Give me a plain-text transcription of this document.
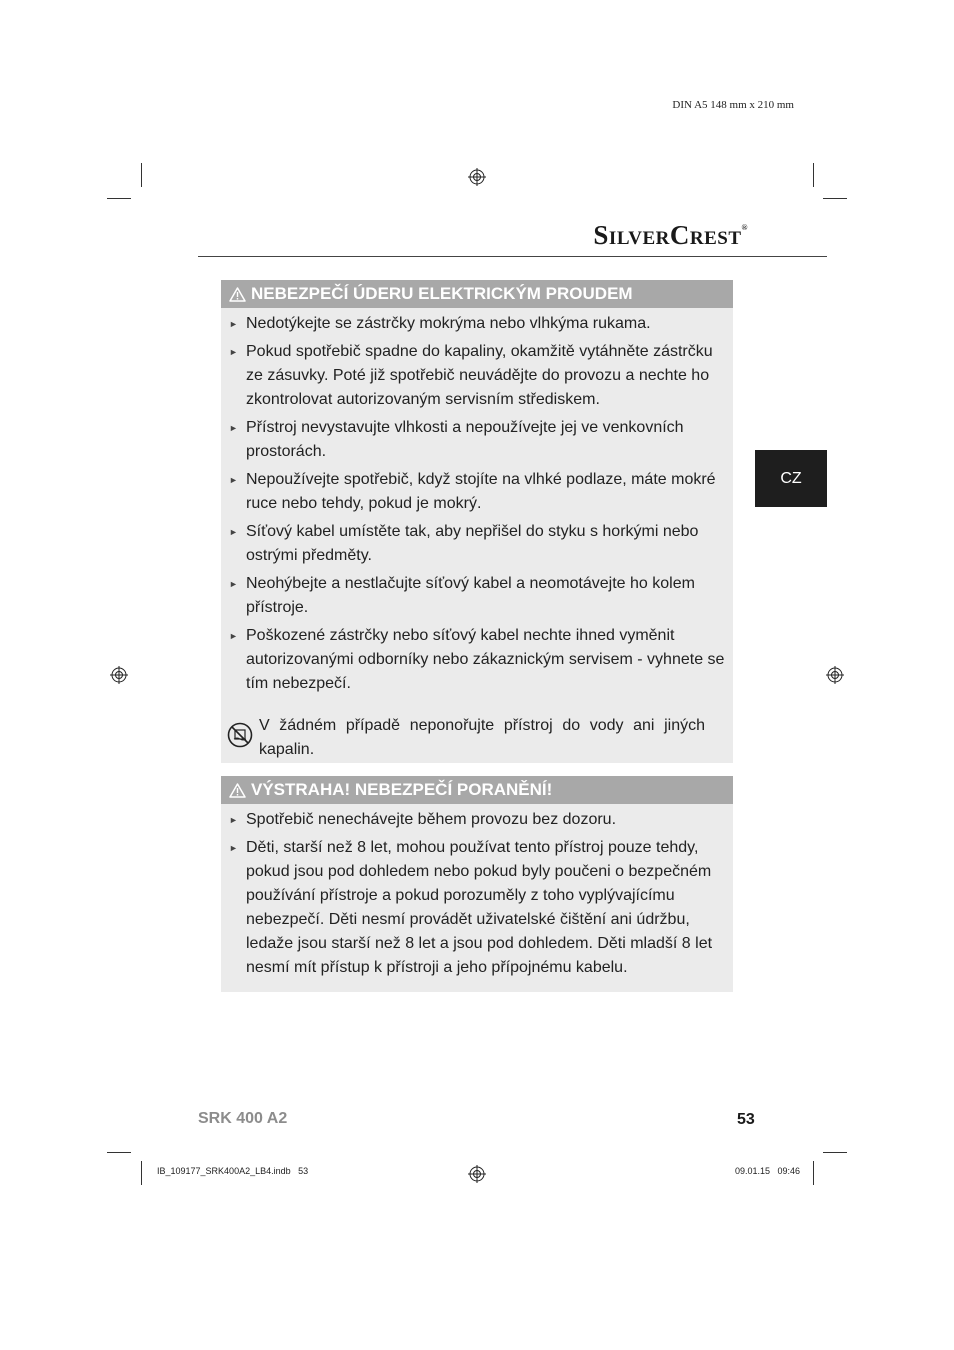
DIN A5 148 mm x 210 mm
SILVERCREST®
CZ
NEBEZPEČÍ ÚDERU ELEKTRICKÝM PROUDEM
► Nedotýkejte se zástrčky mokrýma nebo vlhkýma rukama.
► Pokud spotřebič spadne do kapaliny, okamžitě vytáhněte zástrčku ze zásuvky. Poté již spotřebič neuvádějte do provozu a nechte ho zkontrolovat autorizovaným servisním střediskem.
► Přístroj nevystavujte vlhkosti a nepoužívejte jej ve venkovních prostorách.
► Nepoužívejte spotřebič, když stojíte na vlhké podlaze, máte mokré ruce nebo tehdy, pokud je mokrý.
► Síťový kabel umístěte tak, aby nepřišel do styku s horkými nebo ostrými předměty.
► Neohýbejte a nestlačujte síťový kabel a neomotávejte ho kolem přístroje.
► Poškozené zástrčky nebo síťový kabel nechte ihned vyměnit autorizovanými odborníky nebo zákaznickým servisem - vyhnete se tím nebezpečí.
V žádném případě neponořujte přístroj do vody ani jiných kapalin.
VÝSTRAHA! NEBEZPEČÍ PORANĚNÍ!
► Spotřebič nenechávejte během provozu bez dozoru.
► Děti, starší než 8 let, mohou používat tento přístroj pouze tehdy, pokud jsou pod dohledem nebo pokud byly poučeni o bezpečném používání přístroje a pokud porozuměly z toho vyplývajícímu nebezpečí. Děti nesmí provádět uživatelské čištění ani údržbu, ledaže jsou starší než 8 let a jsou pod dohledem. Děti mladší 8 let nesmí mít přístup k přístroji a jeho přípojnému kabelu.
SRK 400 A2	53
IB_109177_SRK400A2_LB4.indb   53	09.01.15   09:46
